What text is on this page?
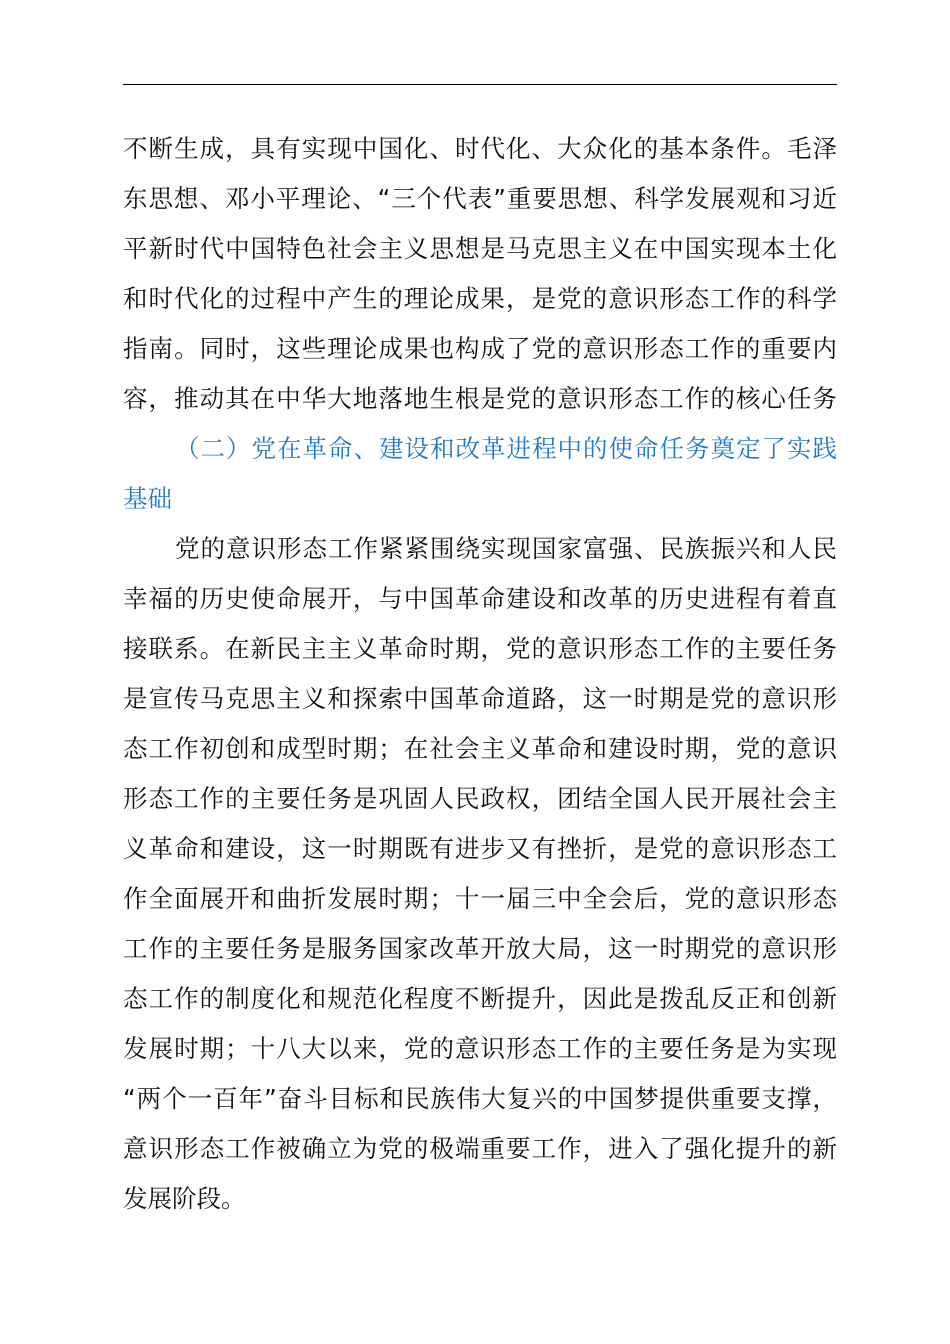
不断生成，具有实现中国化、时代化、大众化的基本条件。毛泽
东思想、邓小平理论、“三个代表”重要思想、科学发展观和习近
平新时代中国特色社会主义思想是马克思主义在中国实现本土化
和时代化的过程中产生的理论成果，是党的意识形态工作的科学
指南。同时，这些理论成果也构成了党的意识形态工作的重要内
容，推动其在中华大地落地生根是党的意识形态工作的核心任务
（二）党在革命、建设和改革进程中的使命任务奠定了实践
基础
党的意识形态工作紧紧围绕实现国家富强、民族振兴和人民
幸福的历史使命展开，与中国革命建设和改革的历史进程有着直
接联系。在新民主主义革命时期，党的意识形态工作的主要任务
是宣传马克思主义和探索中国革命道路，这一时期是党的意识形
态工作初创和成型时期；在社会主义革命和建设时期，党的意识
形态工作的主要任务是巩固人民政权，团结全国人民开展社会主
义革命和建设，这一时期既有进步又有挫折，是党的意识形态工
作全面展开和曲折发展时期；十一届三中全会后，党的意识形态
工作的主要任务是服务国家改革开放大局，这一时期党的意识形
态工作的制度化和规范化程度不断提升，因此是拨乱反正和创新
发展时期；十八大以来，党的意识形态工作的主要任务是为实现
“两个一百年”奋斗目标和民族伟大复兴的中国梦提供重要支撑，
意识形态工作被确立为党的极端重要工作，进入了强化提升的新
发展阶段。
